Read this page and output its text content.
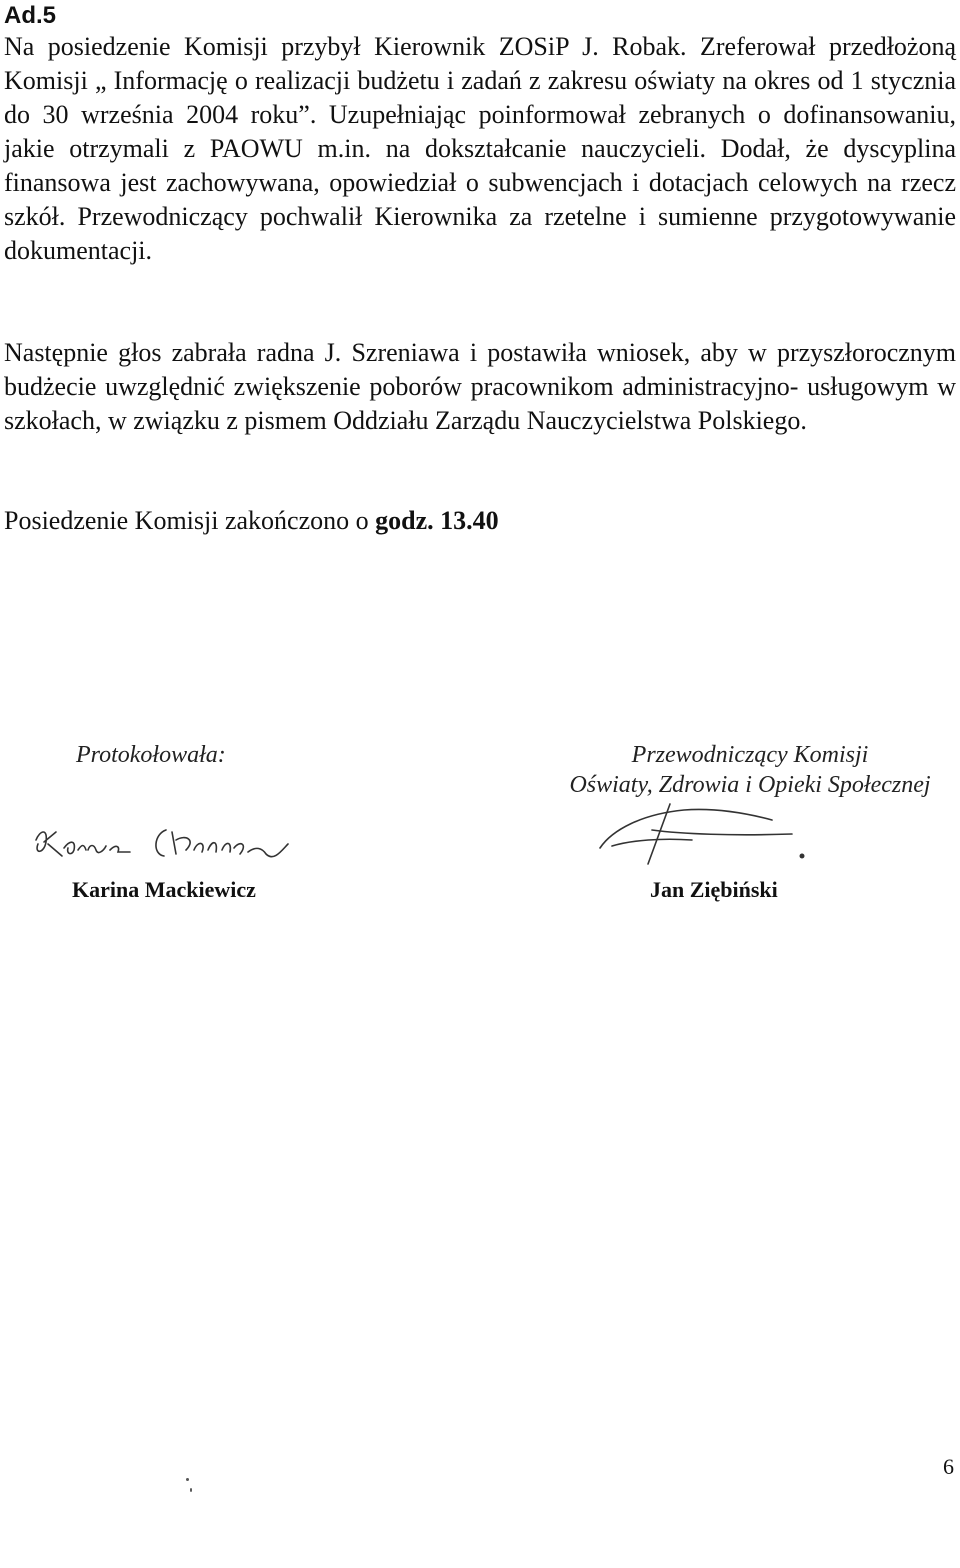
Ad.5

Na posiedzenie Komisji przybył Kierownik ZOSiP J. Robak. Zreferował przedłożoną Komisji „ Informację o realizacji budżetu i zadań z zakresu oświaty na okres od 1 stycznia do 30 września 2004 roku”. Uzupełniając poinformował zebranych o dofinansowaniu, jakie otrzymali z PAOWU m.in. na dokształcanie nauczycieli. Dodał, że dyscyplina finansowa jest zachowywana, opowiedział o subwencjach i dotacjach celowych na rzecz szkół. Przewodniczący pochwalił Kierownika za rzetelne i sumienne przygotowywanie dokumentacji.

Następnie głos zabrała radna J. Szreniawa i postawiła wniosek, aby w przyszłorocznym budżecie uwzględnić zwiększenie poborów pracownikom administracyjno- usługowym w szkołach, w związku z pismem Oddziału Zarządu Nauczycielstwa Polskiego.

Posiedzenie Komisji zakończono o godz. 13.40

Protokołowała:

Karina Mackiewicz

Przewodniczący Komisji
Oświaty, Zdrowia i Opieki Społecznej

Jan Ziębiński

6
